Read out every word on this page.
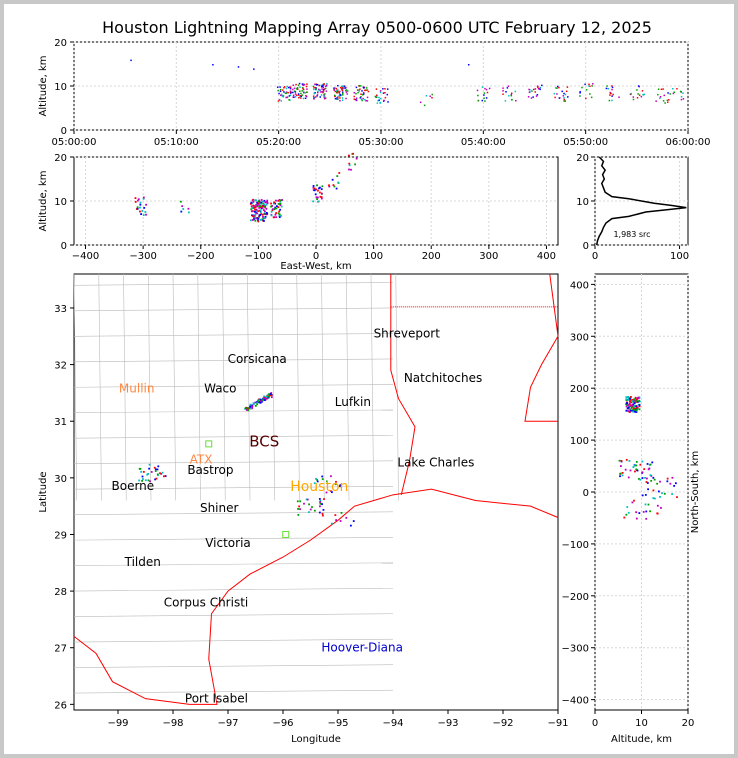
Houston Lightning Mapping Array 0500-0600 UTC February 12, 2025
05:00:00	05:10:00	05:20:00	05:30:00	05:40:00	05:50:00	06:00:00
0
10
20
Altitude, km
−400	−300	−200	−100	0	100	200	300	400
0
10
20
East-West, km
Altitude, km
0	100
0
10
20
1,983 src
−99	−98	−97	−96	−95	−94	−93	−92	−91
26
27
28
29
30
31
32
33
Longitude
Latitude
Shreveport
Corsicana
Mullin	Waco
Natchitoches
Lufkin
BCS
ATX
Bastrop
Lake Charles
Boerne	Houston
Shiner
Victoria
Tilden
Corpus Christi
Hoover-Diana
Port Isabel
0	10	20
−400
−300
−200
−100
0
100
200
300
400
Altitude, km
North-South, km
